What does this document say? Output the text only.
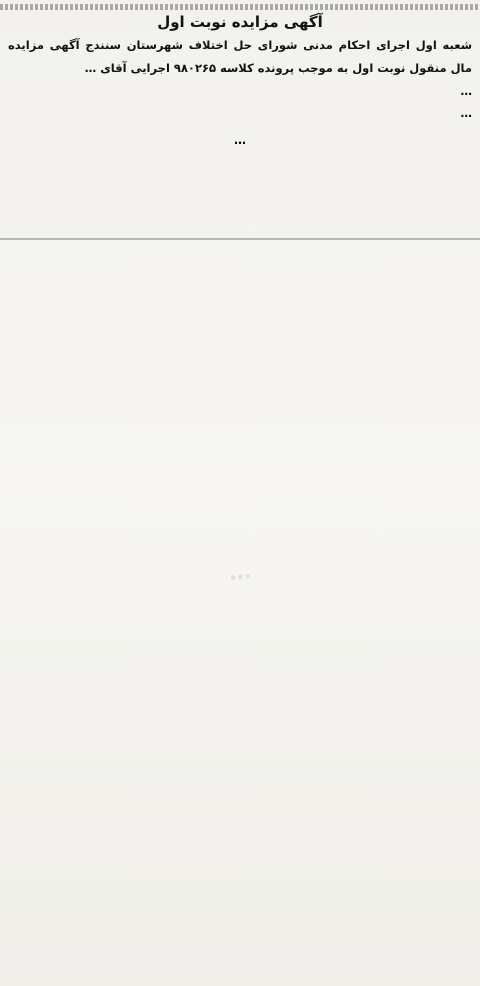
آگهی مزایده نوبت اول
شعبه اول اجرای احکام مدنی شورای حل اختلاف شهرستان سنندج آگهی مزایده مال منقول نوبت اول به موجب پرونده کلاسه ۹۸۰۲۶۵ اجرایی آقای …
…
…
…
…
